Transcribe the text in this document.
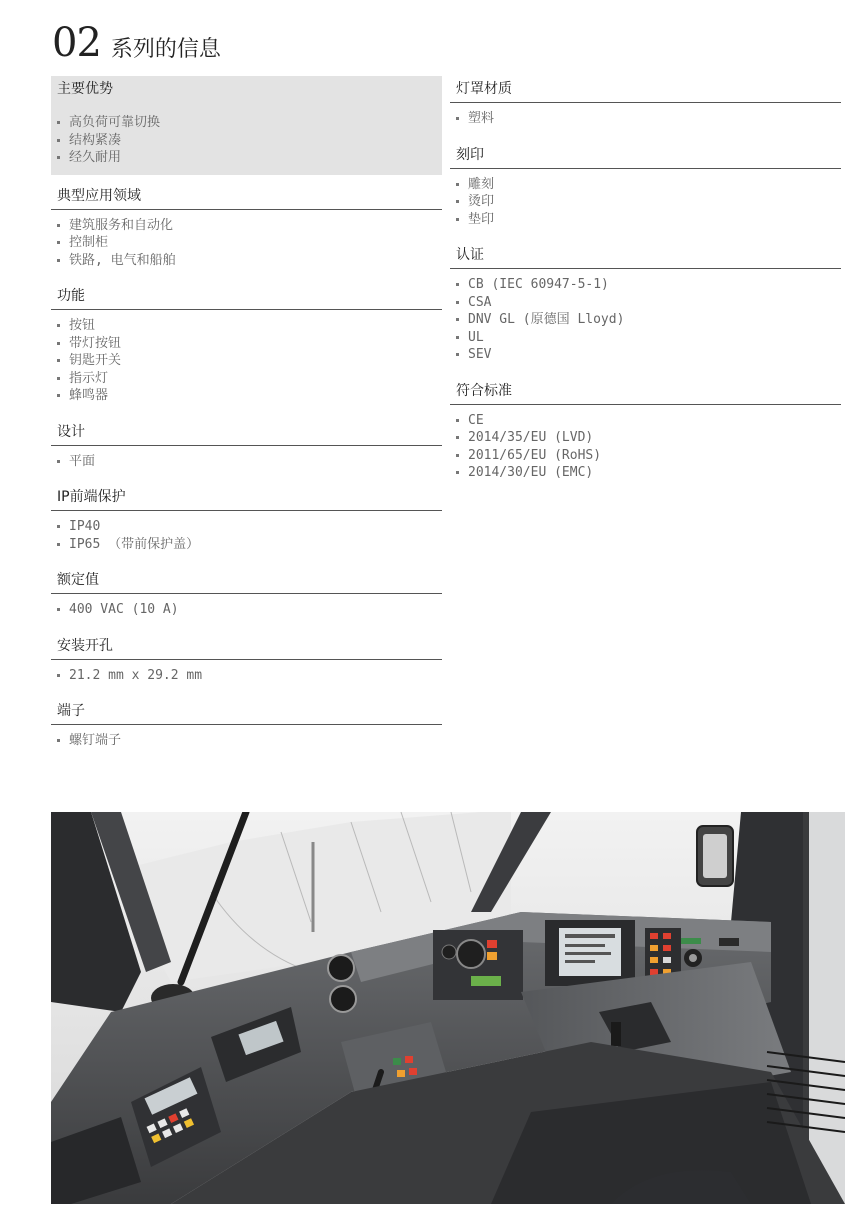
02 系列的信息
主要优势
高负荷可靠切换
结构紧凑
经久耐用
典型应用领域
建筑服务和自动化
控制柜
铁路, 电气和船舶
功能
按钮
带灯按钮
钥匙开关
指示灯
蜂鸣器
设计
平面
IP前端保护
IP40
IP65 （带前保护盖）
额定值
400 VAC (10 A)
安装开孔
21.2 mm x 29.2 mm
端子
螺钉端子
灯罩材质
塑料
刻印
雕刻
烫印
垫印
认证
CB (IEC 60947-5-1)
CSA
DNV GL (原德国 Lloyd)
UL
SEV
符合标准
CE
2014/35/EU (LVD)
2011/65/EU (RoHS)
2014/30/EU (EMC)
